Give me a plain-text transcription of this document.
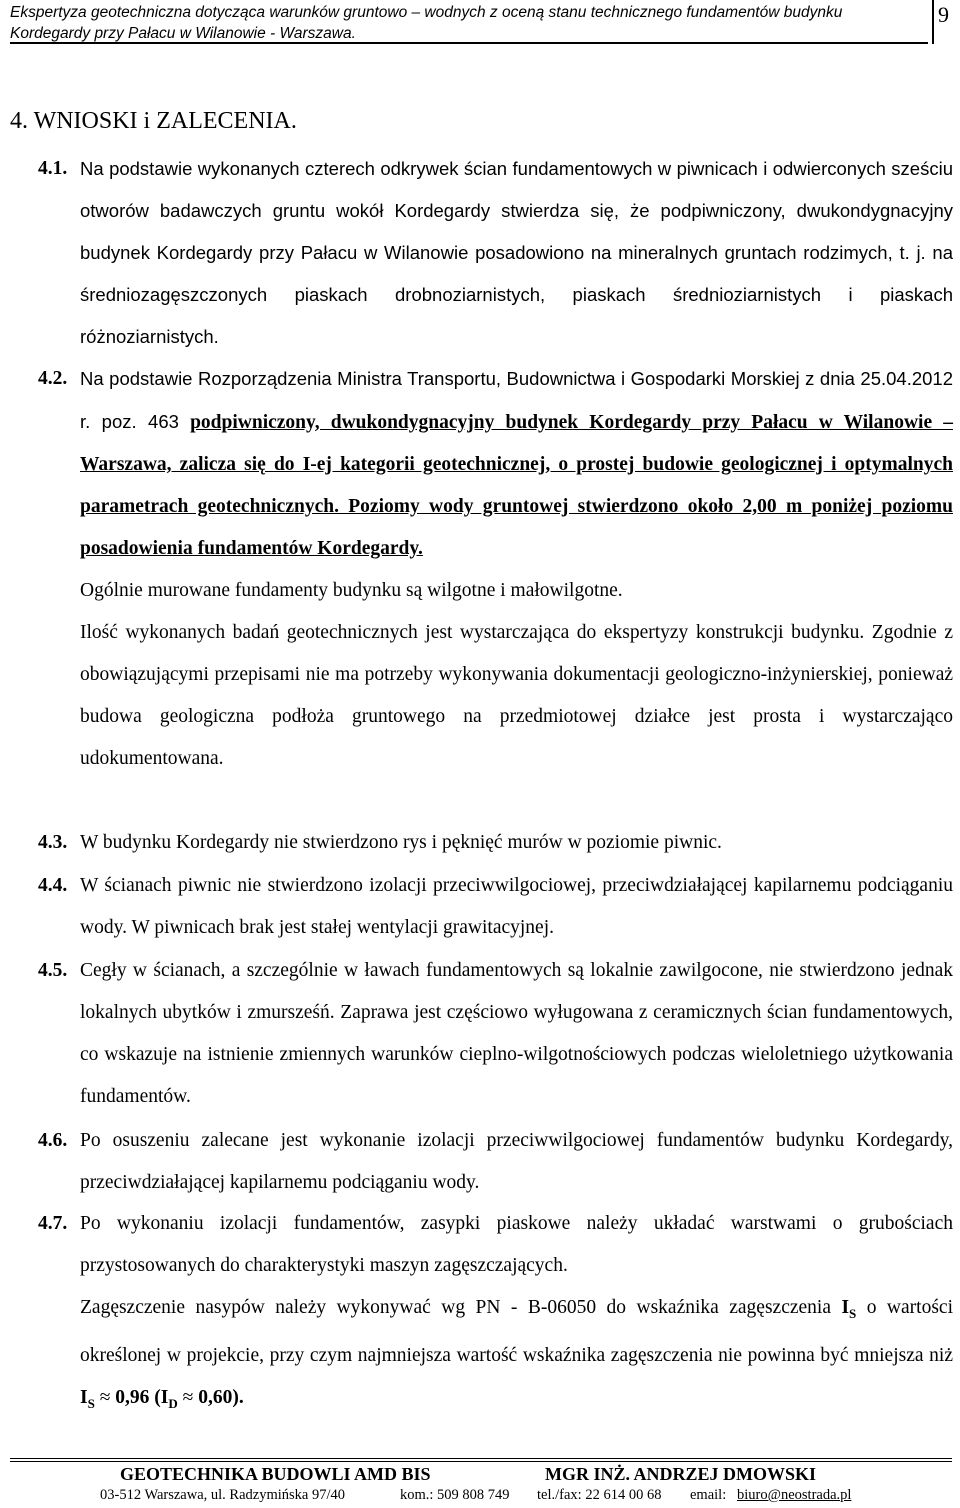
Ekspertyza geotechniczna dotycząca warunków gruntowo – wodnych z oceną stanu technicznego fundamentów budynku
Kordegardy przy Pałacu w Wilanowie - Warszawa.
9
4. WNIOSKI i ZALECENIA.
4.1. Na podstawie wykonanych czterech odkrywek ścian fundamentowych w piwnicach i odwierconych sześciu otworów badawczych gruntu wokół Kordegardy stwierdza się, że podpiwniczony, dwukondygnacyjny budynek Kordegardy przy Pałacu w Wilanowie posadowiono na mineralnych gruntach rodzimych, t. j. na średniozagęszczonych piaskach drobnoziarnistych, piaskach średnioziarnistych i piaskach różnoziarnistych.
4.2. Na podstawie Rozporządzenia Ministra Transportu, Budownictwa i Gospodarki Morskiej z dnia 25.04.2012 r. poz. 463 podpiwniczony, dwukondygnacyjny budynek Kordegardy przy Pałacu w Wilanowie – Warszawa, zalicza się do I-ej kategorii geotechnicznej, o prostej budowie geologicznej i optymalnych parametrach geotechnicznych. Poziomy wody gruntowej stwierdzono około 2,00 m poniżej poziomu posadowienia fundamentów Kordegardy.

Ogólnie murowane fundamenty budynku są wilgotne i małowilgotne.

Ilość wykonanych badań geotechnicznych jest wystarczająca do ekspertyzy konstrukcji budynku. Zgodnie z obowiązującymi przepisami nie ma potrzeby wykonywania dokumentacji geologiczno-inżynierskiej, ponieważ budowa geologiczna podłoża gruntowego na przedmiotowej działce jest prosta i wystarczająco udokumentowana.

4.3. W budynku Kordegardy nie stwierdzono rys i pęknięć murów w poziomie piwnic.
4.4. W ścianach piwnic nie stwierdzono izolacji przeciwwilgociowej, przeciwdziałającej kapilarnemu podciąganiu wody. W piwnicach brak jest stałej wentylacji grawitacyjnej.
4.5. Cegły w ścianach, a szczególnie w ławach fundamentowych są lokalnie zawilgocone, nie stwierdzono jednak lokalnych ubytków i zmursześń. Zaprawa jest częściowo wyługowana z ceramicznych ścian fundamentowych, co wskazuje na istnienie zmiennych warunków cieplno-wilgotnościowych podczas wieloletniego użytkowania fundamentów.
4.6. Po osuszeniu zalecane jest wykonanie izolacji przeciwwilgociowej fundamentów budynku Kordegardy, przeciwdziałającej kapilarnemu podciąganiu wody.
4.7. Po wykonaniu izolacji fundamentów, zasypki piaskowe należy układać warstwami o grubościach przystosowanych do charakterystyki maszyn zagęszczających.

Zagęszczenie nasypów należy wykonywać wg PN - B-06050 do wskaźnika zagęszczenia $I_S$ o wartości określonej w projekcie, przy czym najmniejsza wartość wskaźnika zagęszczenia nie powinna być mniejsza niż $I_S \approx 0,96$ $(I_D \approx 0,60)$.

GEOTECHNIKA BUDOWLI AMD BIS	MGR INŻ. ANDRZEJ DMOWSKI
03-512 Warszawa, ul. Radzymińska 97/40	kom.: 509 808 749 tel./fax: 22 614 00 68 email: biuro@neostrada.pl
